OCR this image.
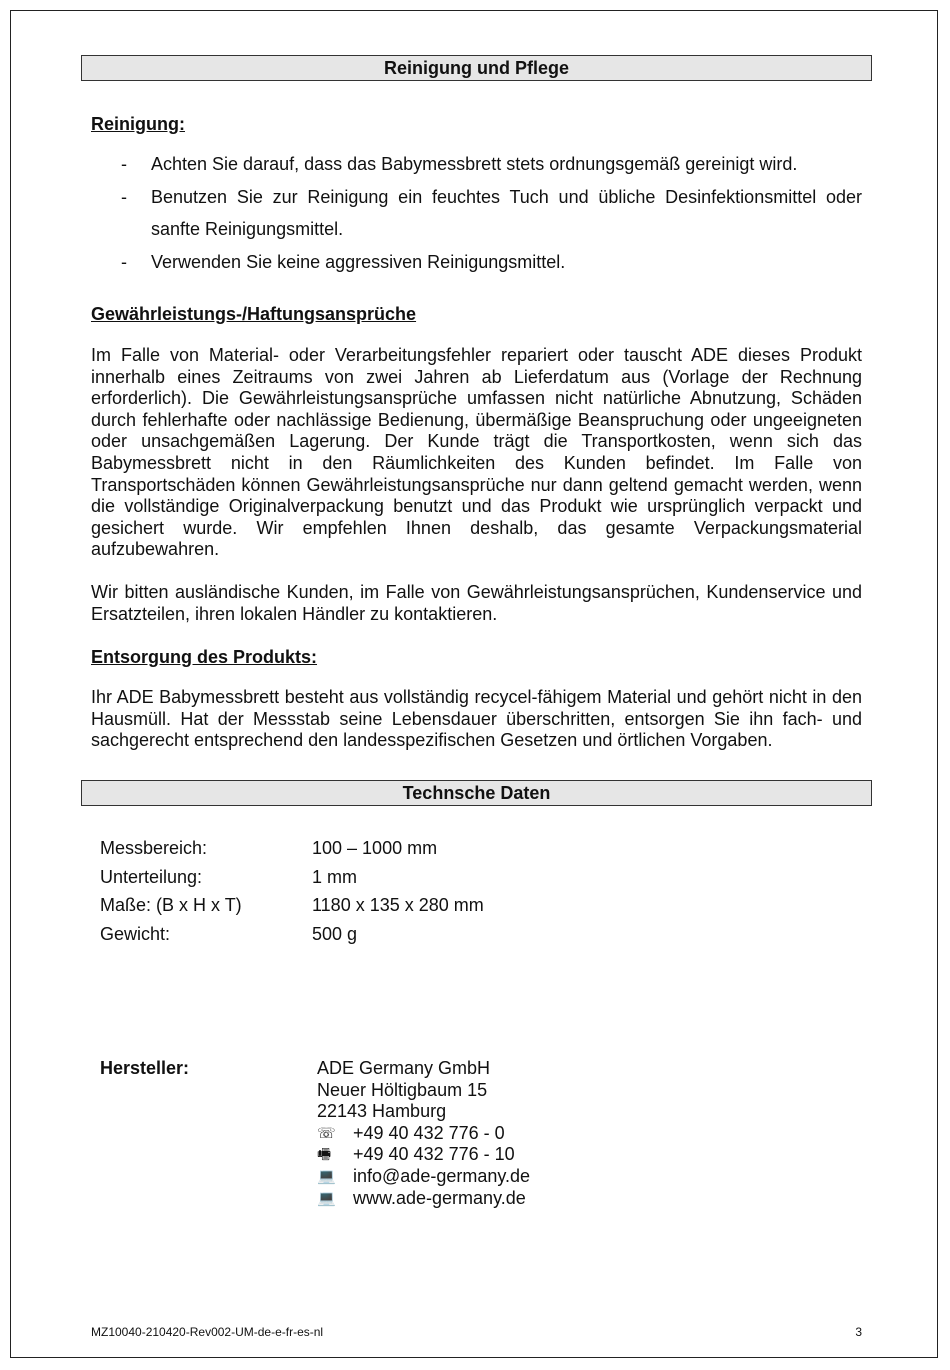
Reinigung und Pflege
Reinigung:
-	Achten Sie darauf, dass das Babymessbrett stets ordnungsgemäß gereinigt wird.
-	Benutzen Sie zur Reinigung ein feuchtes Tuch und übliche Desinfektionsmittel oder sanfte Reinigungsmittel.
-	Verwenden Sie keine aggressiven Reinigungsmittel.
Gewährleistungs-/Haftungsansprüche
Im Falle von Material- oder Verarbeitungsfehler repariert oder tauscht ADE dieses Produkt innerhalb eines Zeitraums von zwei Jahren ab Lieferdatum aus (Vorlage der Rechnung erforderlich). Die Gewährleistungsansprüche umfassen nicht natürliche Abnutzung, Schäden durch fehlerhafte oder nachlässige Bedienung, übermäßige Beanspruchung oder ungeeigneten oder unsachgemäßen Lagerung. Der Kunde trägt die Transportkosten, wenn sich das Babymessbrett nicht in den Räumlichkeiten des Kunden befindet. Im Falle von Transportschäden können Gewährleistungsansprüche nur dann geltend gemacht werden, wenn die vollständige Originalverpackung benutzt und das Produkt wie ursprünglich verpackt und gesichert wurde. Wir empfehlen Ihnen deshalb, das gesamte Verpackungsmaterial aufzubewahren.
Wir bitten ausländische Kunden, im Falle von Gewährleistungsansprüchen, Kundenservice und Ersatzteilen, ihren lokalen Händler zu kontaktieren.
Entsorgung des Produkts:
Ihr ADE Babymessbrett besteht aus vollständig recycel-fähigem Material und gehört nicht in den Hausmüll. Hat der Messstab seine Lebensdauer überschritten, entsorgen Sie ihn fach- und sachgerecht entsprechend den landesspezifischen Gesetzen und örtlichen Vorgaben.
Technsche Daten
Messbereich:	100 – 1000 mm
Unterteilung:	1 mm
Maße: (B x H x T)	1180 x 135 x 280 mm
Gewicht:	500 g
Hersteller:	ADE Germany GmbH
Neuer Höltigbaum 15
22143 Hamburg
☏ +49 40 432 776 - 0
🖷	+49 40 432 776 - 10
💻 info@ade-germany.de
💻 www.ade-germany.de
MZ10040-210420-Rev002-UM-de-e-fr-es-nl	3
